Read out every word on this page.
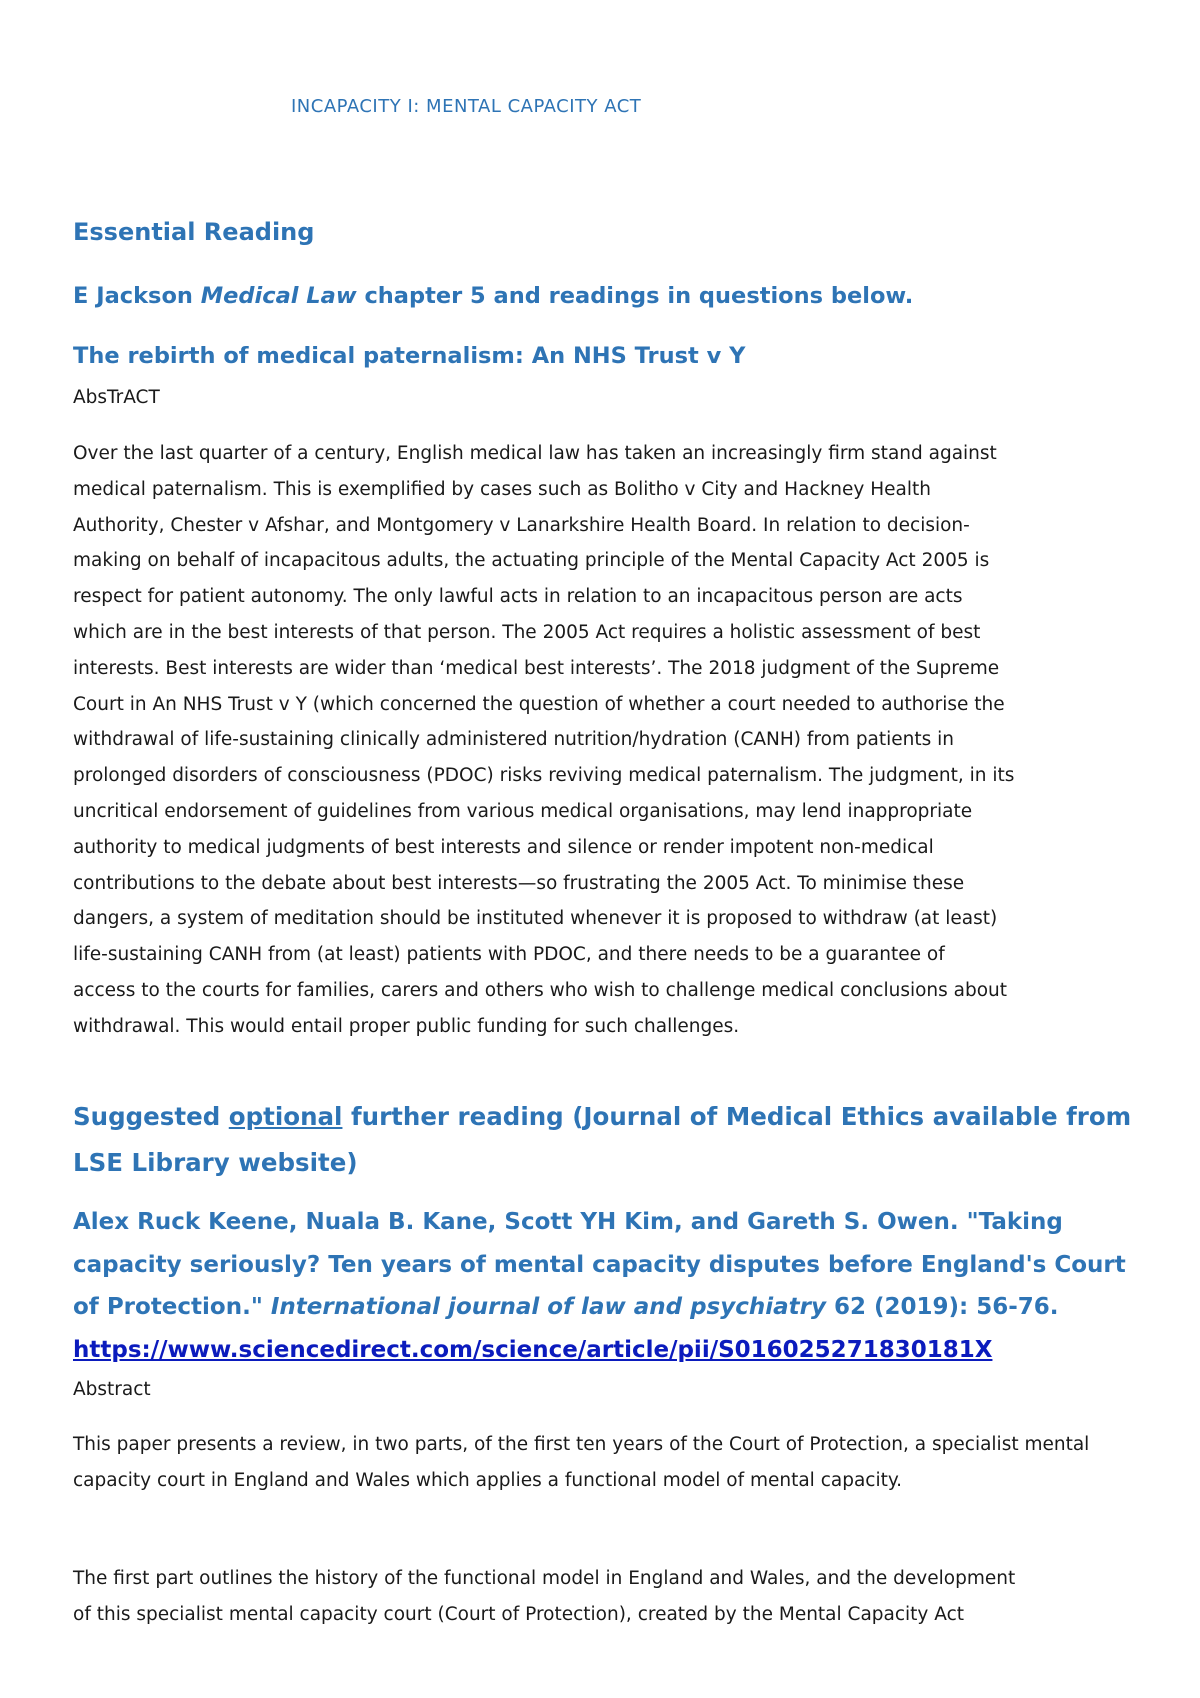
INCAPACITY I: MENTAL CAPACITY ACT
Essential Reading
E Jackson Medical Law chapter 5 and readings in questions below.
The rebirth of medical paternalism: An NHS Trust v Y

AbsTrACT

Over the last quarter of a century, English medical law has taken an increasingly firm stand against
medical paternalism. This is exemplified by cases such as Bolitho v City and Hackney Health
Authority, Chester v Afshar, and Montgomery v Lanarkshire Health Board. In relation to decision-
making on behalf of incapacitous adults, the actuating principle of the Mental Capacity Act 2005 is
respect for patient autonomy. The only lawful acts in relation to an incapacitous person are acts
which are in the best interests of that person. The 2005 Act requires a holistic assessment of best
interests. Best interests are wider than ‘medical best interests’. The 2018 judgment of the Supreme
Court in An NHS Trust v Y (which concerned the question of whether a court needed to authorise the
withdrawal of life-sustaining clinically administered nutrition/hydration (CANH) from patients in
prolonged disorders of consciousness (PDOC) risks reviving medical paternalism. The judgment, in its
uncritical endorsement of guidelines from various medical organisations, may lend inappropriate
authority to medical judgments of best interests and silence or render impotent non-medical
contributions to the debate about best interests—so frustrating the 2005 Act. To minimise these
dangers, a system of meditation should be instituted whenever it is proposed to withdraw (at least)
life-sustaining CANH from (at least) patients with PDOC, and there needs to be a guarantee of
access to the courts for families, carers and others who wish to challenge medical conclusions about
withdrawal. This would entail proper public funding for such challenges.

Suggested optional further reading (Journal of Medical Ethics available from LSE Library website)

Alex Ruck Keene, Nuala B. Kane, Scott YH Kim, and Gareth S. Owen. "Taking capacity seriously? Ten years of mental capacity disputes before England's Court of Protection." International journal of law and psychiatry 62 (2019): 56-76.
https://www.sciencedirect.com/science/article/pii/S016025271830181X

Abstract

This paper presents a review, in two parts, of the first ten years of the Court of Protection, a specialist mental capacity court in England and Wales which applies a functional model of mental capacity.

The first part outlines the history of the functional model in England and Wales, and the development
of this specialist mental capacity court (Court of Protection), created by the Mental Capacity Act
